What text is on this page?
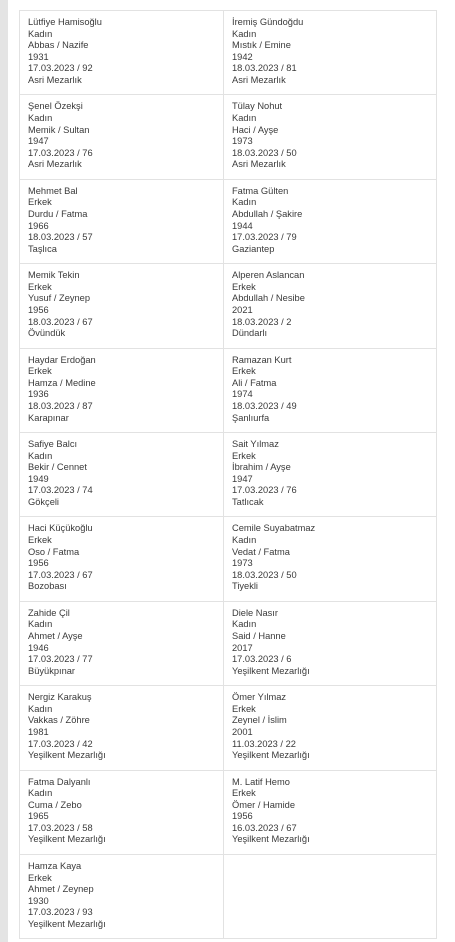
Lütfiye Hamisoğlu
Kadın
Abbas / Nazife
1931
17.03.2023 / 92
Asri Mezarlık
İremiş Gündoğdu
Kadın
Mıstık / Emine
1942
18.03.2023 / 81
Asri Mezarlık
Şenel Özekşi
Kadın
Memik / Sultan
1947
17.03.2023 / 76
Asri Mezarlık
Tülay Nohut
Kadın
Haci / Ayşe
1973
18.03.2023 / 50
Asri Mezarlık
Mehmet Bal
Erkek
Durdu / Fatma
1966
18.03.2023 / 57
Taşlıca
Fatma Gülten
Kadın
Abdullah / Şakire
1944
17.03.2023 / 79
Gaziantep
Memik Tekin
Erkek
Yusuf / Zeynep
1956
18.03.2023 / 67
Övündük
Alperen Aslancan
Erkek
Abdullah / Nesibe
2021
18.03.2023 / 2
Dündarlı
Haydar Erdoğan
Erkek
Hamza / Medine
1936
18.03.2023 / 87
Karapınar
Ramazan Kurt
Erkek
Ali / Fatma
1974
18.03.2023 / 49
Şanlıurfa
Safiye Balcı
Kadın
Bekir / Cennet
1949
17.03.2023 / 74
Gökçeli
Sait Yılmaz
Erkek
İbrahim / Ayşe
1947
17.03.2023 / 76
Tatlıcak
Haci Küçükoğlu
Erkek
Oso / Fatma
1956
17.03.2023 / 67
Bozobası
Cemile Suyabatmaz
Kadın
Vedat / Fatma
1973
18.03.2023 / 50
Tiyekli
Zahide Çil
Kadın
Ahmet / Ayşe
1946
17.03.2023 / 77
Büyükpınar
Diele Nasır
Kadın
Said / Hanne
2017
17.03.2023 / 6
Yeşilkent Mezarlığı
Nergiz Karakuş
Kadın
Vakkas / Zöhre
1981
17.03.2023 / 42
Yeşilkent Mezarlığı
Ömer Yılmaz
Erkek
Zeynel / İslim
2001
11.03.2023 / 22
Yeşilkent Mezarlığı
Fatma Dalyanlı
Kadın
Cuma / Zebo
1965
17.03.2023 / 58
Yeşilkent Mezarlığı
M. Latif Hemo
Erkek
Ömer / Hamide
1956
16.03.2023 / 67
Yeşilkent Mezarlığı
Hamza Kaya
Erkek
Ahmet / Zeynep
1930
17.03.2023 / 93
Yeşilkent Mezarlığı
